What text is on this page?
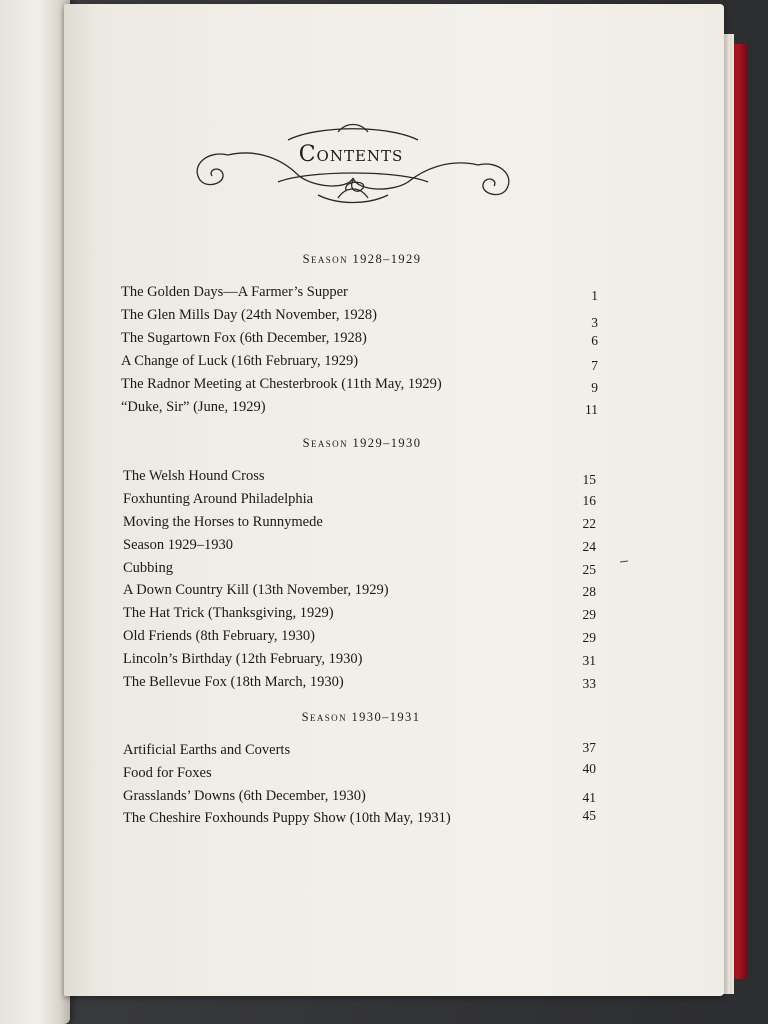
Contents
Season 1928–1929
The Golden Days—A Farmer’s Supper	1
The Glen Mills Day (24th November, 1928)	3
The Sugartown Fox (6th December, 1928)	6
A Change of Luck (16th February, 1929)	7
The Radnor Meeting at Chesterbrook (11th May, 1929)	9
“Duke, Sir” (June, 1929)	11
Season 1929–1930
The Welsh Hound Cross	15
Foxhunting Around Philadelphia	16
Moving the Horses to Runnymede	22
Season 1929–1930	24
Cubbing	25
A Down Country Kill (13th November, 1929)	28
The Hat Trick (Thanksgiving, 1929)	29
Old Friends (8th February, 1930)	29
Lincoln’s Birthday (12th February, 1930)	31
The Bellevue Fox (18th March, 1930)	33
Season 1930–1931
Artificial Earths and Coverts	37
Food for Foxes	40
Grasslands’ Downs (6th December, 1930)	41
The Cheshire Foxhounds Puppy Show (10th May, 1931)	45
